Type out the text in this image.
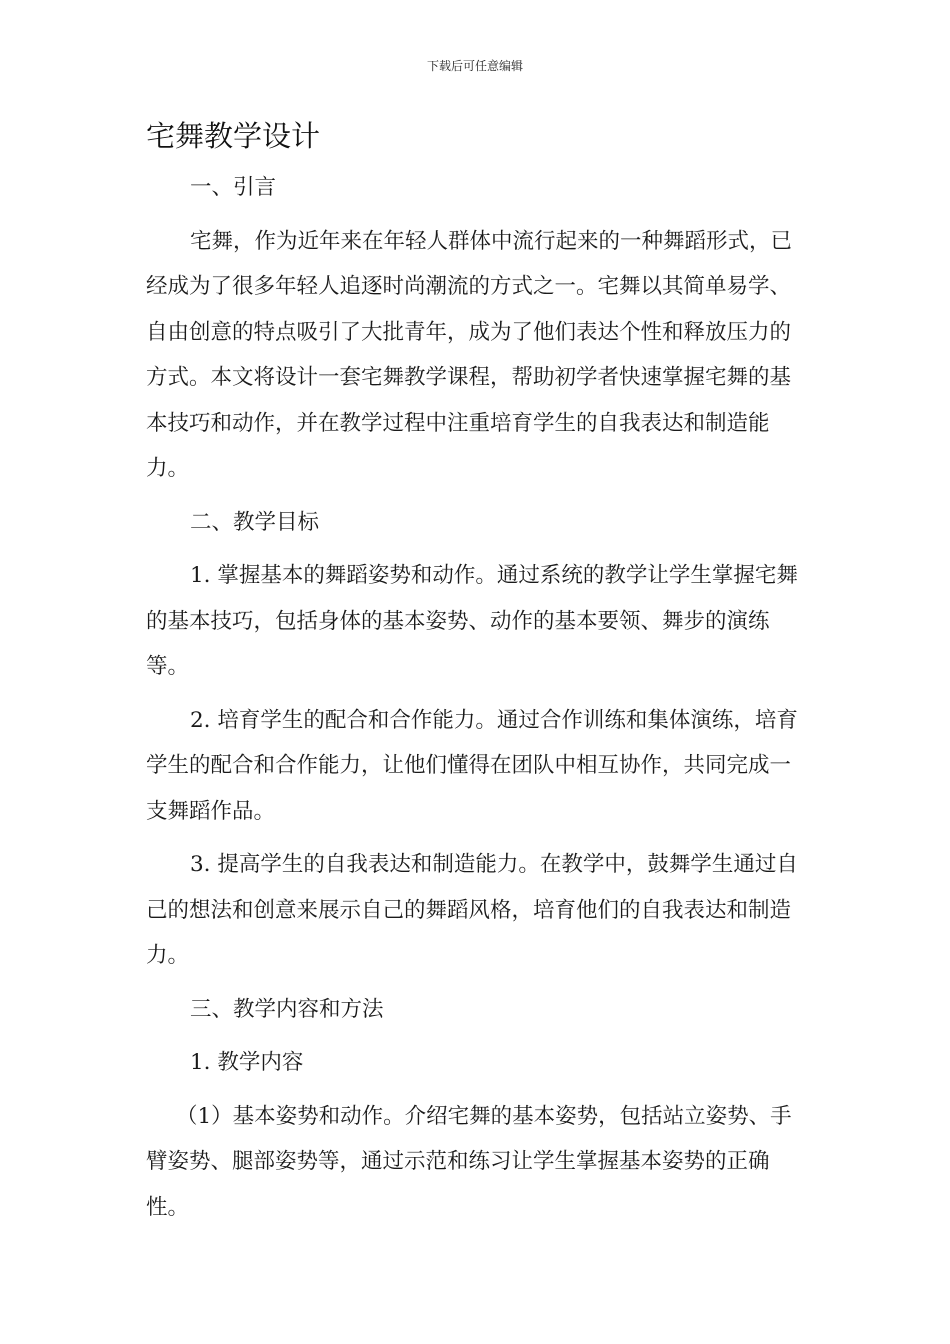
下载后可任意编辑
宅舞教学设计

一、引言

宅舞，作为近年来在年轻人群体中流行起来的一种舞蹈形式，已经成为了很多年轻人追逐时尚潮流的方式之一。宅舞以其简单易学、自由创意的特点吸引了大批青年，成为了他们表达个性和释放压力的方式。本文将设计一套宅舞教学课程，帮助初学者快速掌握宅舞的基本技巧和动作，并在教学过程中注重培育学生的自我表达和制造能力。

二、教学目标

1. 掌握基本的舞蹈姿势和动作。通过系统的教学让学生掌握宅舞的基本技巧，包括身体的基本姿势、动作的基本要领、舞步的演练等。

2. 培育学生的配合和合作能力。通过合作训练和集体演练，培育学生的配合和合作能力，让他们懂得在团队中相互协作，共同完成一支舞蹈作品。

3. 提高学生的自我表达和制造能力。在教学中，鼓舞学生通过自己的想法和创意来展示自己的舞蹈风格，培育他们的自我表达和制造力。

三、教学内容和方法

1. 教学内容

（1）基本姿势和动作。介绍宅舞的基本姿势，包括站立姿势、手臂姿势、腿部姿势等，通过示范和练习让学生掌握基本姿势的正确性。
